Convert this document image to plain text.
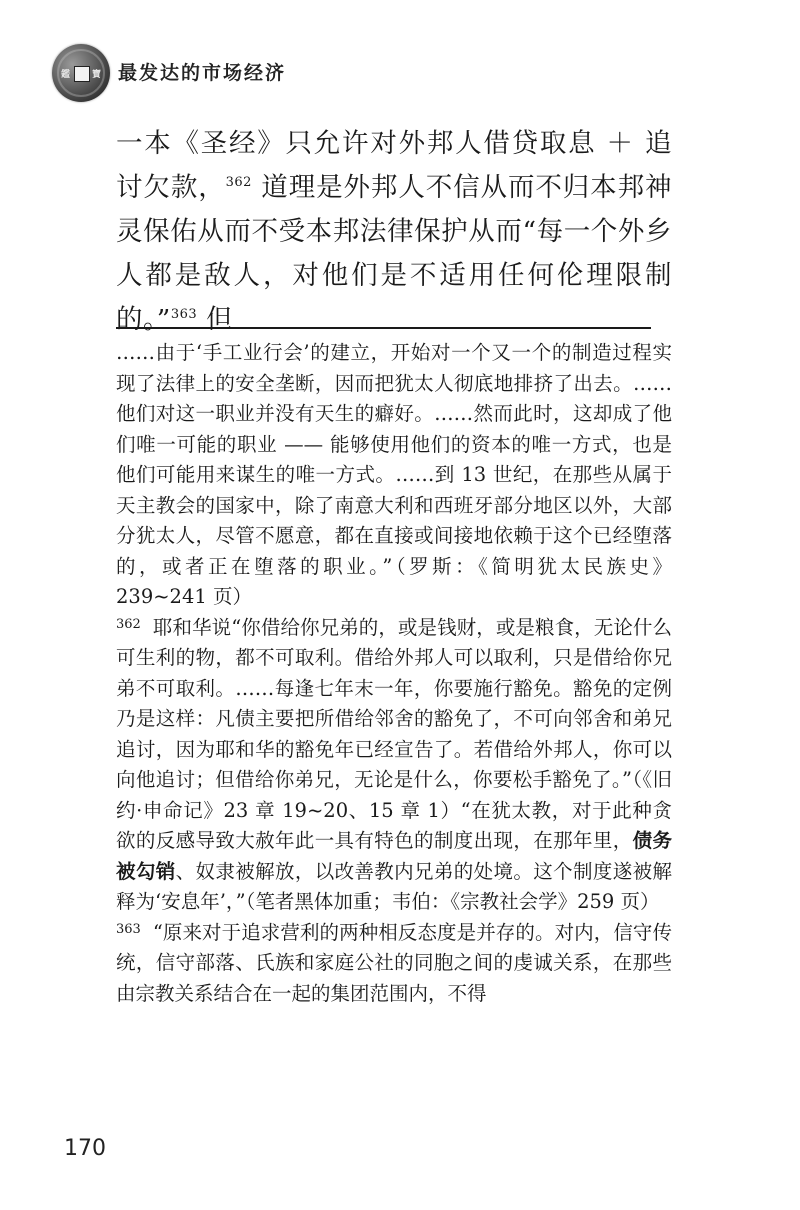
鑑 寶 最发达的市场经济

一本《圣经》只允许对外邦人借贷取息 ＋ 追讨欠款，$^{362}$ 道理是外邦人不信从而不归本邦神灵保佑从而不受本邦法律保护从而“每一个外乡人都是敌人，对他们是不适用任何伦理限制的。”$^{363}$ 但

……由于‘手工业行会’的建立，开始对一个又一个的制造过程实现了法律上的安全垄断，因而把犹太人彻底地排挤了出去。……他们对这一职业并没有天生的癖好。……然而此时，这却成了他们唯一可能的职业 —— 能够使用他们的资本的唯一方式，也是他们可能用来谋生的唯一方式。……到 13 世纪，在那些从属于天主教会的国家中，除了南意大利和西班牙部分地区以外，大部分犹太人，尽管不愿意，都在直接或间接地依赖于这个已经堕落的，或者正在堕落的职业。”（罗斯：《简明犹太民族史》239~241 页）

362 耶和华说“你借给你兄弟的，或是钱财，或是粮食，无论什么可生利的物，都不可取利。借给外邦人可以取利，只是借给你兄弟不可取利。……每逢七年末一年，你要施行豁免。豁免的定例乃是这样：凡债主要把所借给邻舍的豁免了，不可向邻舍和弟兄追讨，因为耶和华的豁免年已经宣告了。若借给外邦人，你可以向他追讨；但借给你弟兄，无论是什么，你要松手豁免了。”（《旧约·申命记》23 章 19~20、15 章 1）“在犹太教，对于此种贪欲的反感导致大赦年此一具有特色的制度出现，在那年里，债务被勾销、奴隶被解放，以改善教内兄弟的处境。这个制度遂被解释为‘安息年’，”（笔者黑体加重；韦伯：《宗教社会学》259 页）

363 “原来对于追求营利的两种相反态度是并存的。对内，信守传统，信守部落、氏族和家庭公社的同胞之间的虔诚关系，在那些由宗教关系结合在一起的集团范围内，不得

170
